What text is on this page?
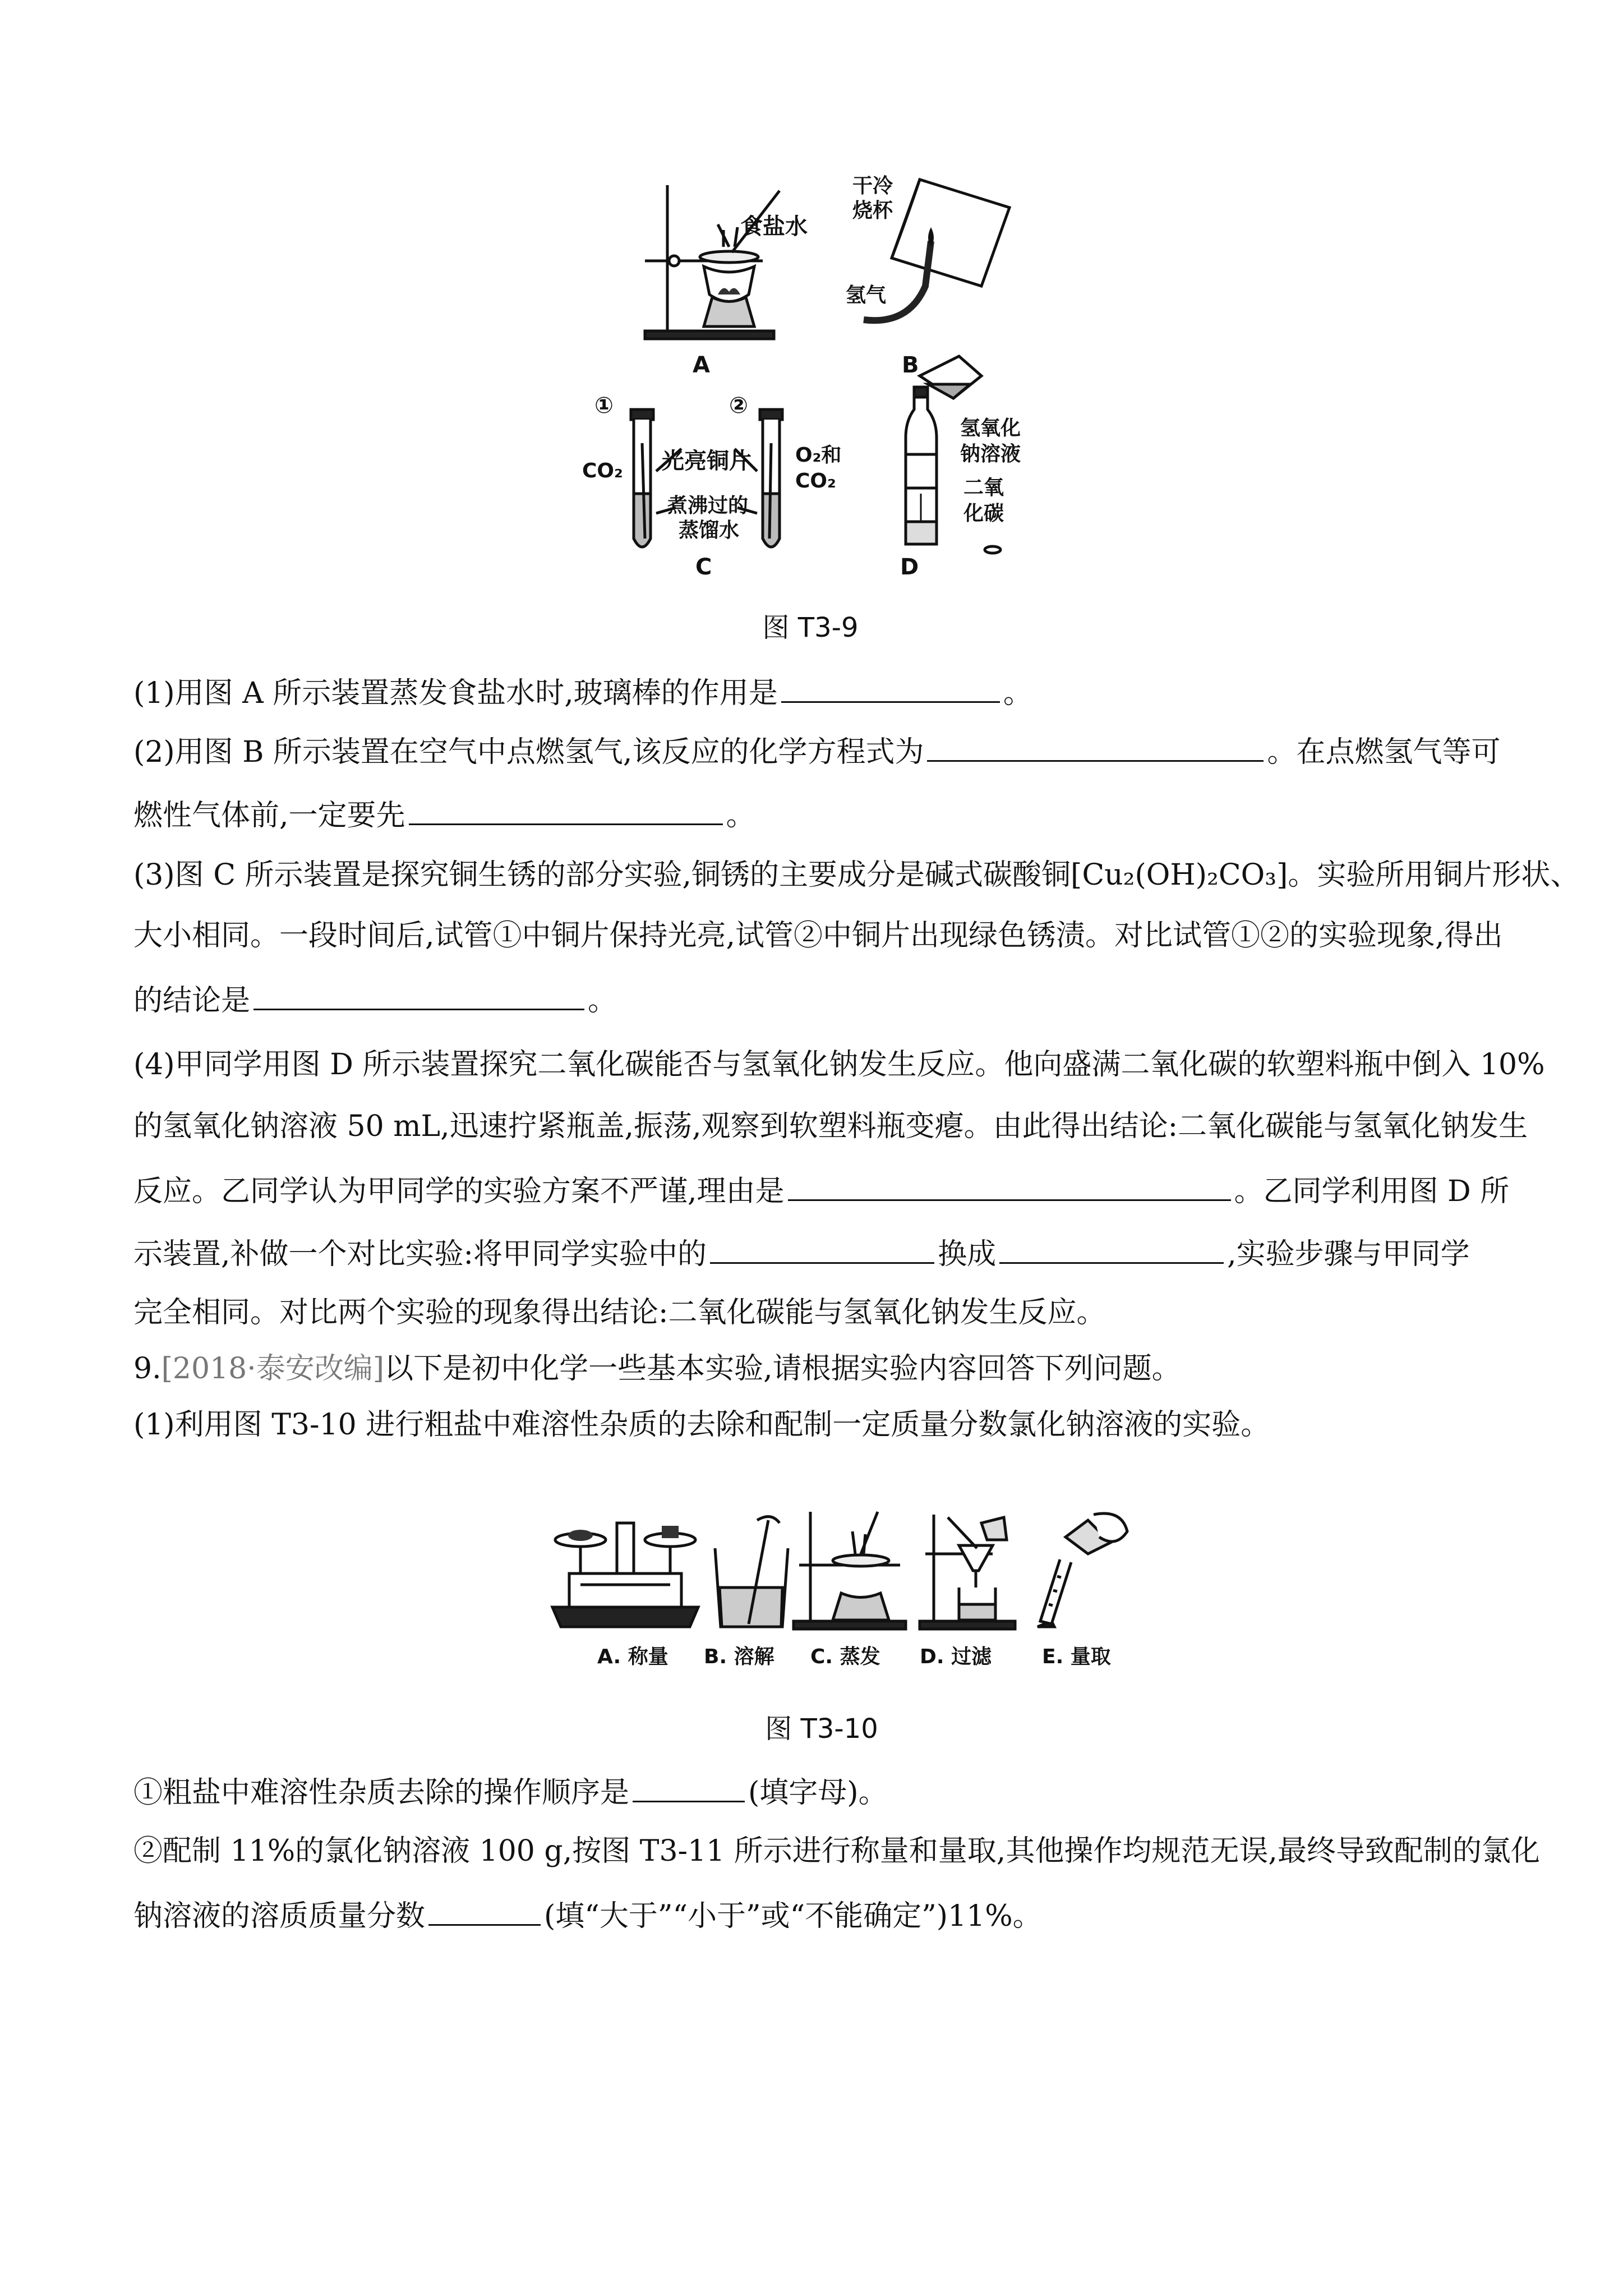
食盐水
A
干冷
烧杯
氢气
B
①	②
CO₂
O₂和
CO₂
光亮铜片
煮沸过的
蒸馏水
C
氢氧化
钠溶液
二氧
化碳
D
图 T3-9
(1)用图 A 所示装置蒸发食盐水时,玻璃棒的作用是	。
(2)用图 B 所示装置在空气中点燃氢气,该反应的化学方程式为	。在点燃氢气等可
燃性气体前,一定要先	。
(3)图 C 所示装置是探究铜生锈的部分实验,铜锈的主要成分是碱式碳酸铜[Cu₂(OH)₂CO₃]。实验所用铜片形状、
大小相同。一段时间后,试管①中铜片保持光亮,试管②中铜片出现绿色锈渍。对比试管①②的实验现象,得出
的结论是	。
(4)甲同学用图 D 所示装置探究二氧化碳能否与氢氧化钠发生反应。他向盛满二氧化碳的软塑料瓶中倒入 10%
的氢氧化钠溶液 50 mL,迅速拧紧瓶盖,振荡,观察到软塑料瓶变瘪。由此得出结论:二氧化碳能与氢氧化钠发生
反应。乙同学认为甲同学的实验方案不严谨,理由是	。乙同学利用图 D 所
示装置,补做一个对比实验:将甲同学实验中的	换成	,实验步骤与甲同学
完全相同。对比两个实验的现象得出结论:二氧化碳能与氢氧化钠发生反应。
9.[2018·泰安改编]以下是初中化学一些基本实验,请根据实验内容回答下列问题。
(1)利用图 T3-10 进行粗盐中难溶性杂质的去除和配制一定质量分数氯化钠溶液的实验。
A. 称量 B. 溶解 C. 蒸发 D. 过滤 E. 量取
图 T3-10
①粗盐中难溶性杂质去除的操作顺序是	(填字母)。
②配制 11%的氯化钠溶液 100 g,按图 T3-11 所示进行称量和量取,其他操作均规范无误,最终导致配制的氯化
钠溶液的溶质质量分数	(填“大于”“小于”或“不能确定”)11%。
